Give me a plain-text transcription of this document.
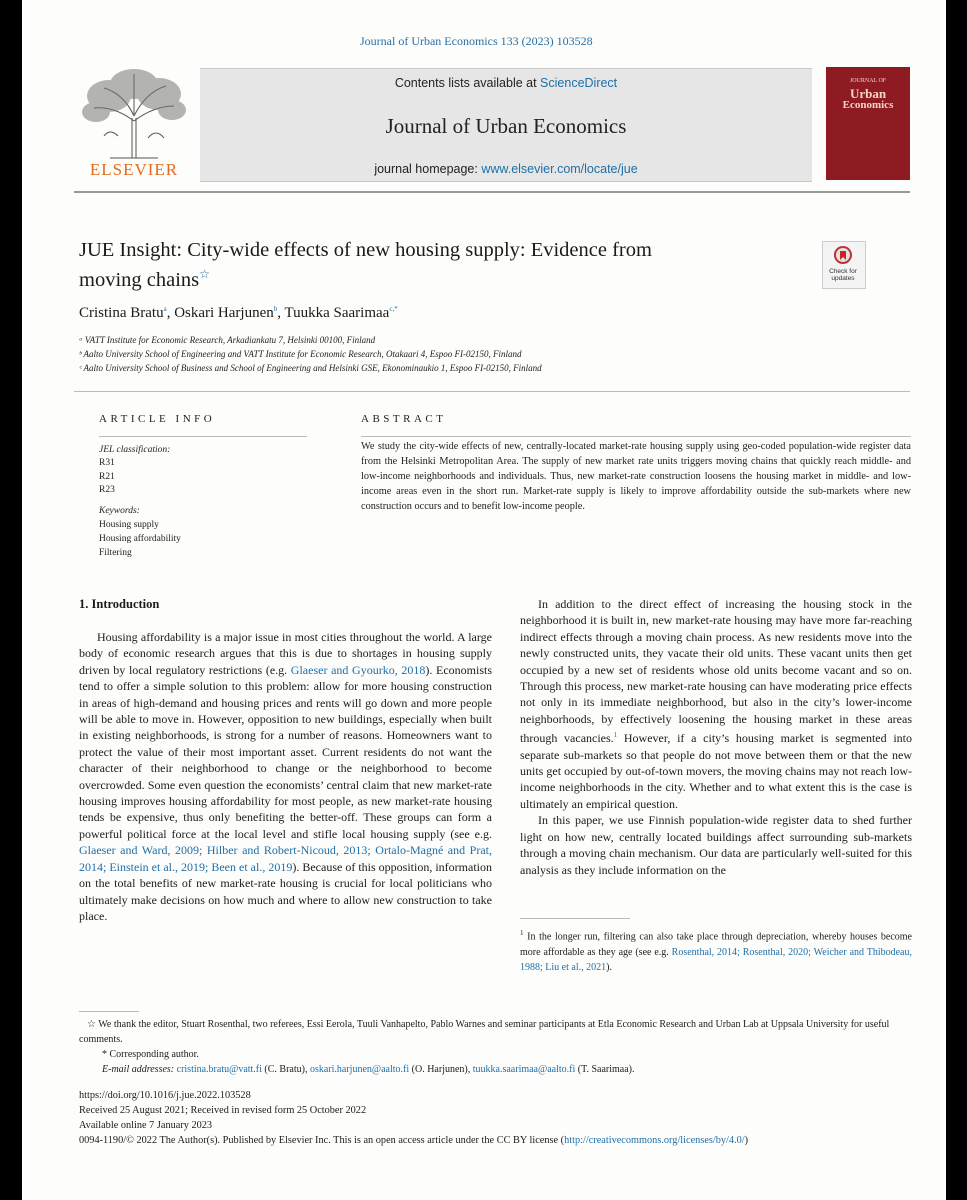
Journal of Urban Economics 133 (2023) 103528
ELSEVIER
Contents lists available at ScienceDirect
Journal of Urban Economics
journal homepage: www.elsevier.com/locate/jue
JOURNAL OF
Urban
Economics
JUE Insight: City-wide effects of new housing supply: Evidence from
moving chains☆	Check for updates
Cristina Bratu$^a$, Oskari Harjunen$^b$, Tuukka Saarimaa$^{c,*}$
ᵃ VATT Institute for Economic Research, Arkadiankatu 7, Helsinki 00100, Finland
ᵇ Aalto University School of Engineering and VATT Institute for Economic Research, Otakaari 4, Espoo FI-02150, Finland
ᶜ Aalto University School of Business and School of Engineering and Helsinki GSE, Ekonominaukio 1, Espoo FI-02150, Finland
ARTICLE INFO
JEL classification:
R31
R21
R23
Keywords:
Housing supply
Housing affordability
Filtering
ABSTRACT
We study the city-wide effects of new, centrally-located market-rate housing supply using geo-coded population-wide register data from the Helsinki Metropolitan Area. The supply of new market rate units triggers moving chains that quickly reach middle- and low-income neighborhoods and individuals. Thus, new market-rate construction loosens the housing market in middle- and low-income areas even in the short run. Market-rate supply is likely to improve affordability outside the sub-markets where new construction occurs and to benefit low-income people.
1. Introduction

Housing affordability is a major issue in most cities throughout the world. A large body of economic research argues that this is due to shortages in housing supply driven by local regulatory restrictions (e.g. Glaeser and Gyourko, 2018). Economists tend to offer a simple solution to this problem: allow for more housing construction in areas of high-demand and housing prices and rents will go down and more people will be able to move in. However, opposition to new buildings, especially when built in existing neighborhoods, is strong for a number of reasons. Homeowners want to protect the value of their most important asset. Current residents do not want the character of their neighborhood to change or the neighborhood to become overcrowded. Some even question the economists’ central claim that new market-rate housing improves housing affordability for most people, as new market-rate housing tends be expensive, thus only benefiting the better-off. These groups can form a powerful political force at the local level and stifle local housing supply (see e.g. Glaeser and Ward, 2009; Hilber and Robert-Nicoud, 2013; Ortalo-Magné and Prat, 2014; Einstein et al., 2019; Been et al., 2019). Because of this opposition, information on the total benefits of new market-rate housing is crucial for local politicians who ultimately make decisions on how much and where to allow new construction to take place.

In addition to the direct effect of increasing the housing stock in the neighborhood it is built in, new market-rate housing may have more far-reaching indirect effects through a moving chain process. As new residents move into the newly constructed units, they vacate their old units. These vacant units then get occupied by a new set of residents whose old units become vacant and so on. Through this process, new market-rate housing can have moderating price effects not only in its immediate neighborhood, but also in the city’s lower-income neighborhoods, by effectively loosening the housing market in these areas through vacancies.$^1$ However, if a city’s housing market is segmented into separate sub-markets so that people do not move between them or that the new units get occupied by out-of-town movers, the moving chains may not reach low-income neighborhoods in the city. Whether and to what extent this is the case is ultimately an empirical question.

In this paper, we use Finnish population-wide register data to shed further light on how new, centrally located buildings affect surrounding sub-markets through a moving chain mechanism. Our data are particularly well-suited for this analysis as they include information on the

$^1$ In the longer run, filtering can also take place through depreciation, whereby houses become more affordable as they age (see e.g. Rosenthal, 2014; Rosenthal, 2020; Weicher and Thibodeau, 1988; Liu et al., 2021).
☆ We thank the editor, Stuart Rosenthal, two referees, Essi Eerola, Tuuli Vanhapelto, Pablo Warnes and seminar participants at Etla Economic Research and Urban Lab at Uppsala University for useful comments.
* Corresponding author.
E-mail addresses: cristina.bratu@vatt.fi (C. Bratu), oskari.harjunen@aalto.fi (O. Harjunen), tuukka.saarimaa@aalto.fi (T. Saarimaa).
https://doi.org/10.1016/j.jue.2022.103528
Received 25 August 2021; Received in revised form 25 October 2022
Available online 7 January 2023
0094-1190/© 2022 The Author(s). Published by Elsevier Inc. This is an open access article under the CC BY license (http://creativecommons.org/licenses/by/4.0/)
